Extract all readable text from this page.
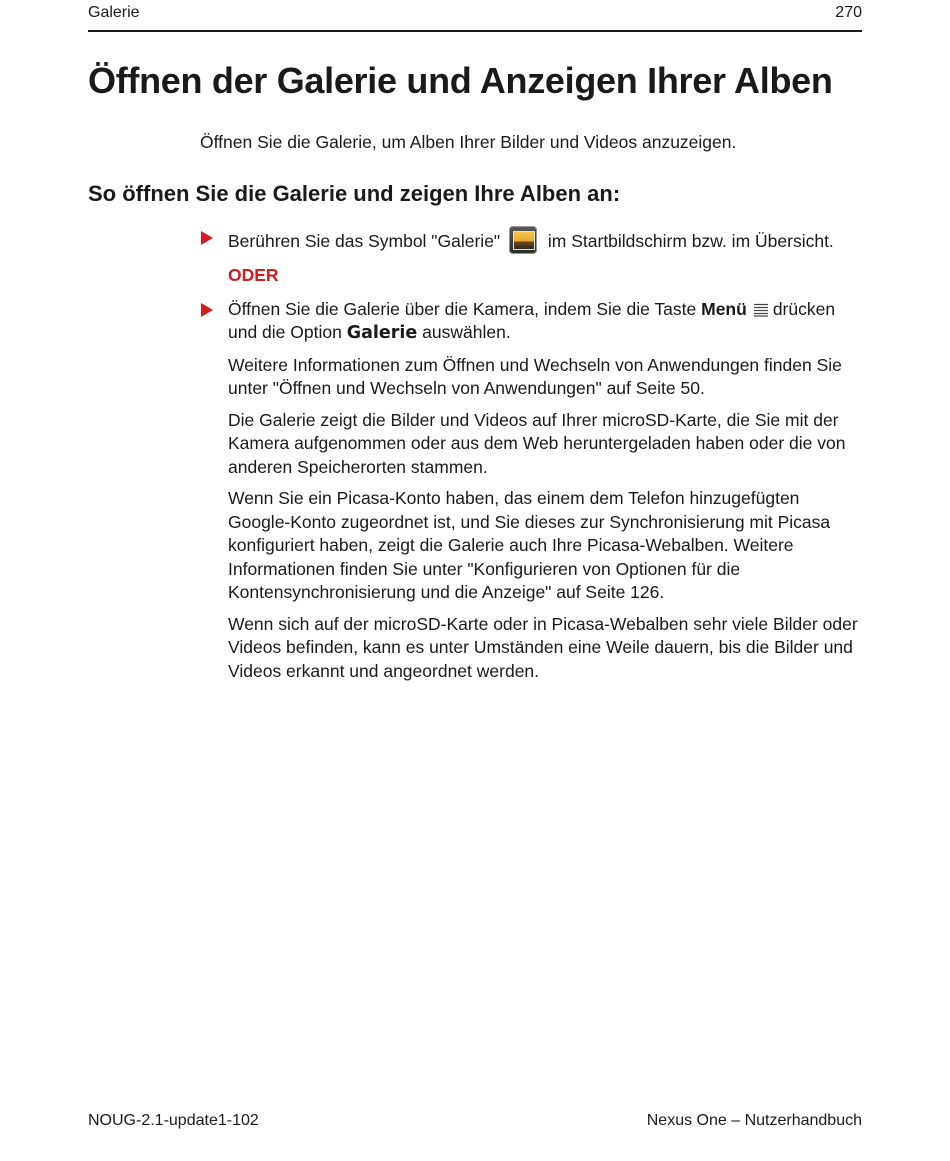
Galerie	270
Öffnen der Galerie und Anzeigen Ihrer Alben
Öffnen Sie die Galerie, um Alben Ihrer Bilder und Videos anzuzeigen.
So öffnen Sie die Galerie und zeigen Ihre Alben an:

Berühren Sie das Symbol "Galerie"	im Startbildschirm bzw. im Übersicht.

ODER

Öffnen Sie die Galerie über die Kamera, indem Sie die Taste Menü drücken und die Option Galerie auswählen.

Weitere Informationen zum Öffnen und Wechseln von Anwendungen finden Sie unter "Öffnen und Wechseln von Anwendungen" auf Seite 50.

Die Galerie zeigt die Bilder und Videos auf Ihrer microSD-Karte, die Sie mit der Kamera aufgenommen oder aus dem Web heruntergeladen haben oder die von anderen Speicherorten stammen.

Wenn Sie ein Picasa-Konto haben, das einem dem Telefon hinzugefügten Google-Konto zugeordnet ist, und Sie dieses zur Synchronisierung mit Picasa konfiguriert haben, zeigt die Galerie auch Ihre Picasa-Webalben. Weitere Informationen finden Sie unter "Konfigurieren von Optionen für die Kontensynchronisierung und die Anzeige" auf Seite 126.

Wenn sich auf der microSD-Karte oder in Picasa-Webalben sehr viele Bilder oder Videos befinden, kann es unter Umständen eine Weile dauern, bis die Bilder und Videos erkannt und angeordnet werden.

NOUG-2.1-update1-102	Nexus One – Nutzerhandbuch
